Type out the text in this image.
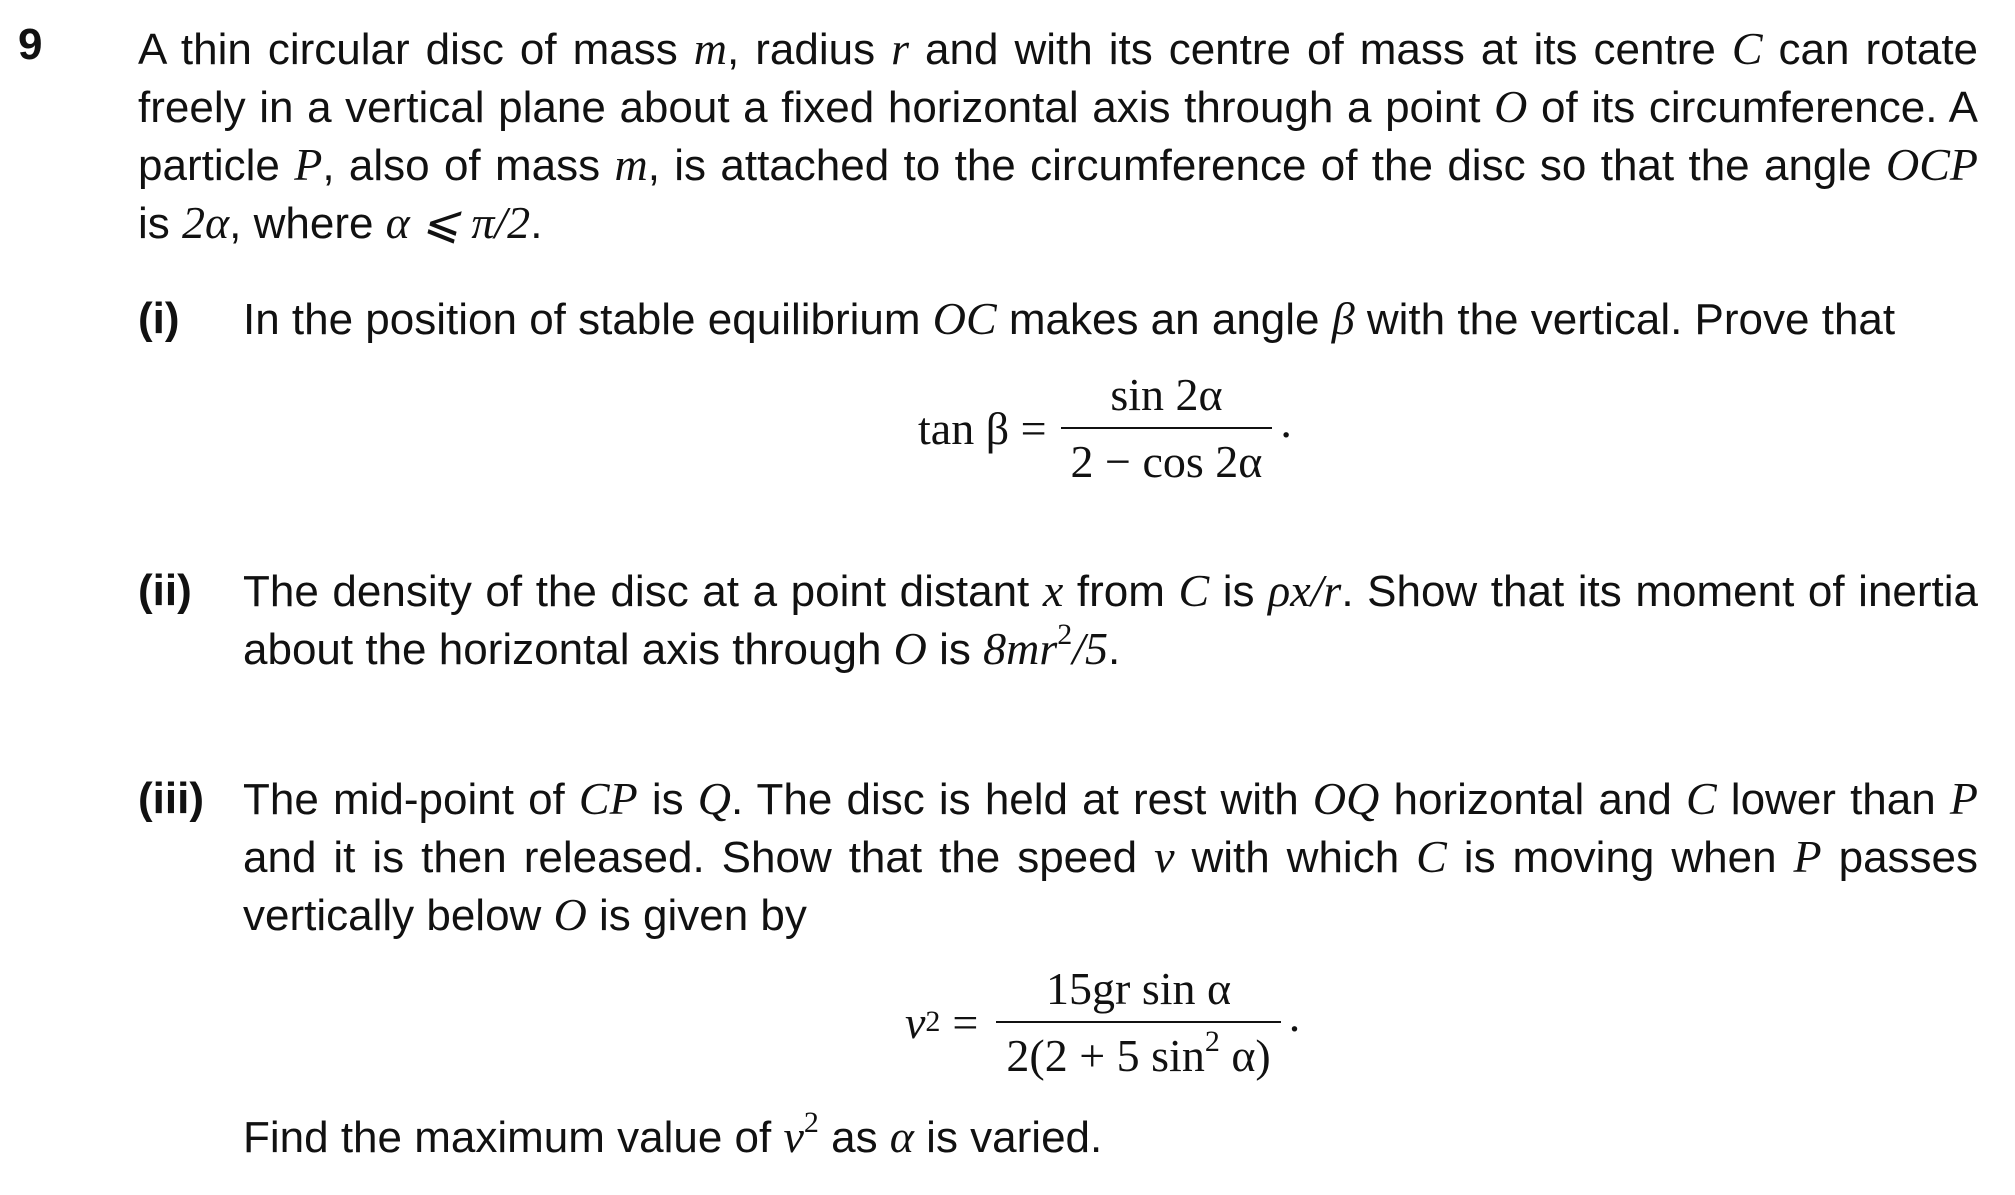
9 A thin circular disc of mass m, radius r and with its centre of mass at its centre C can rotate freely in a vertical plane about a fixed horizontal axis through a point O of its circumference. A particle P, also of mass m, is attached to the circumference of the disc so that the angle OCP is 2α, where α ⩽ π/2.
(i) In the position of stable equilibrium OC makes an angle β with the vertical. Prove that
$\tan \beta = \frac{\sin 2\alpha}{2 - \cos 2\alpha}$ .
(ii) The density of the disc at a point distant x from C is ρx/r. Show that its moment of inertia about the horizontal axis through O is $8mr^2/5$.
(iii) The mid-point of CP is Q. The disc is held at rest with OQ horizontal and C lower than P and it is then released. Show that the speed v with which C is moving when P passes vertically below O is given by
v $2 = \frac{\text{15gr sin α}}{2(2 + 5 \sin^2 \alpha)}$ .
Find the maximum value of $v^2$ as α is varied.
